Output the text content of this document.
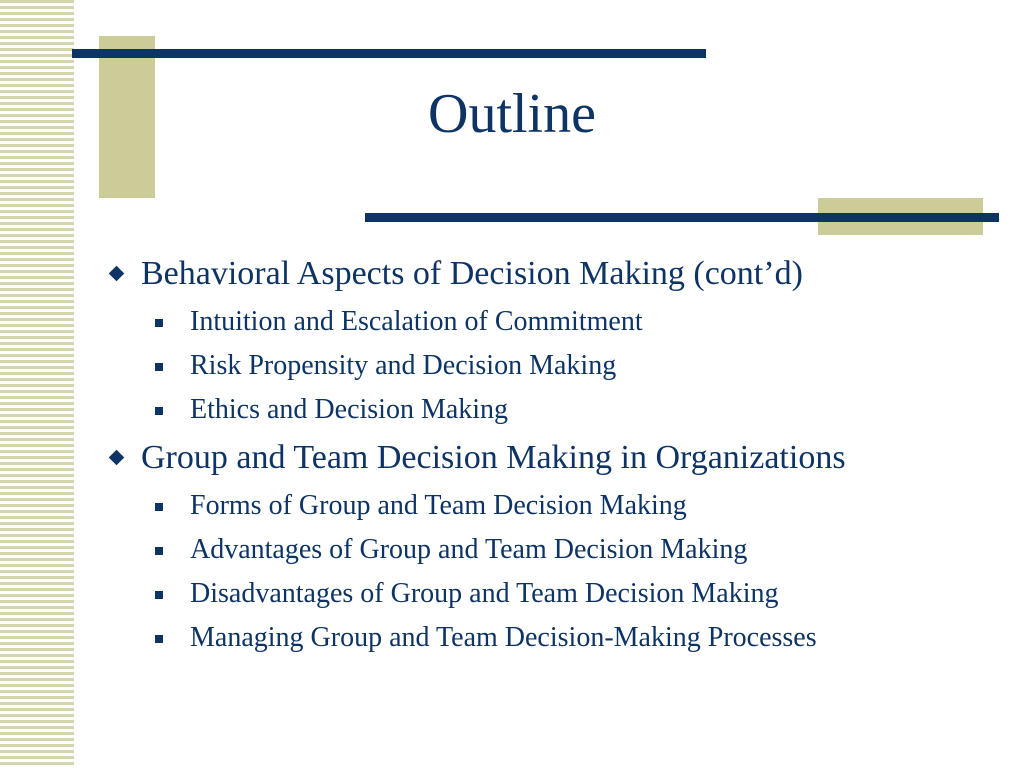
Outline
Behavioral Aspects of Decision Making (cont’d)
Intuition and Escalation of Commitment
Risk Propensity and Decision Making
Ethics and Decision Making
Group and Team Decision Making in Organizations
Forms of Group and Team Decision Making
Advantages of Group and Team Decision Making
Disadvantages of Group and Team Decision Making
Managing Group and Team Decision-Making Processes
